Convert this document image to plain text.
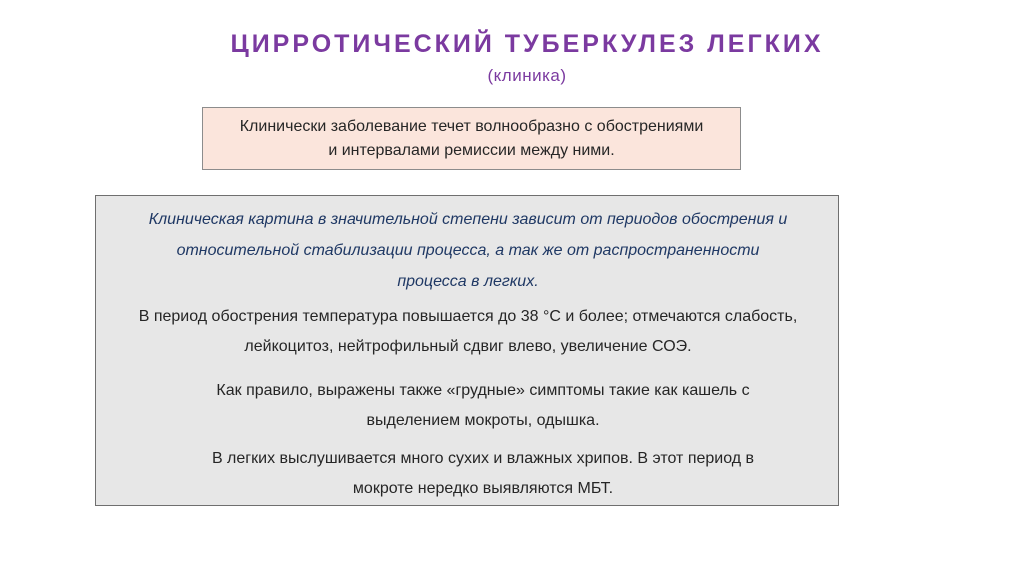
ЦИРРОТИЧЕСКИЙ ТУБЕРКУЛЕЗ ЛЕГКИХ
(клиника)
Клинически заболевание течет волнообразно с обострениями
и интервалами ремиссии между ними.
Клиническая картина в значительной степени зависит от периодов обострения и
относительной стабилизации процесса, а так же от распространенности
процесса в легких.
В период обострения температура повышается до 38 °С и более; отмечаются слабость,
лейкоцитоз, нейтрофильный сдвиг влево, увеличение СОЭ.
Как правило, выражены также «грудные» симптомы такие как кашель с
выделением мокроты, одышка.
В легких выслушивается много сухих и влажных хрипов. В этот период в
мокроте нередко выявляются МБТ.
